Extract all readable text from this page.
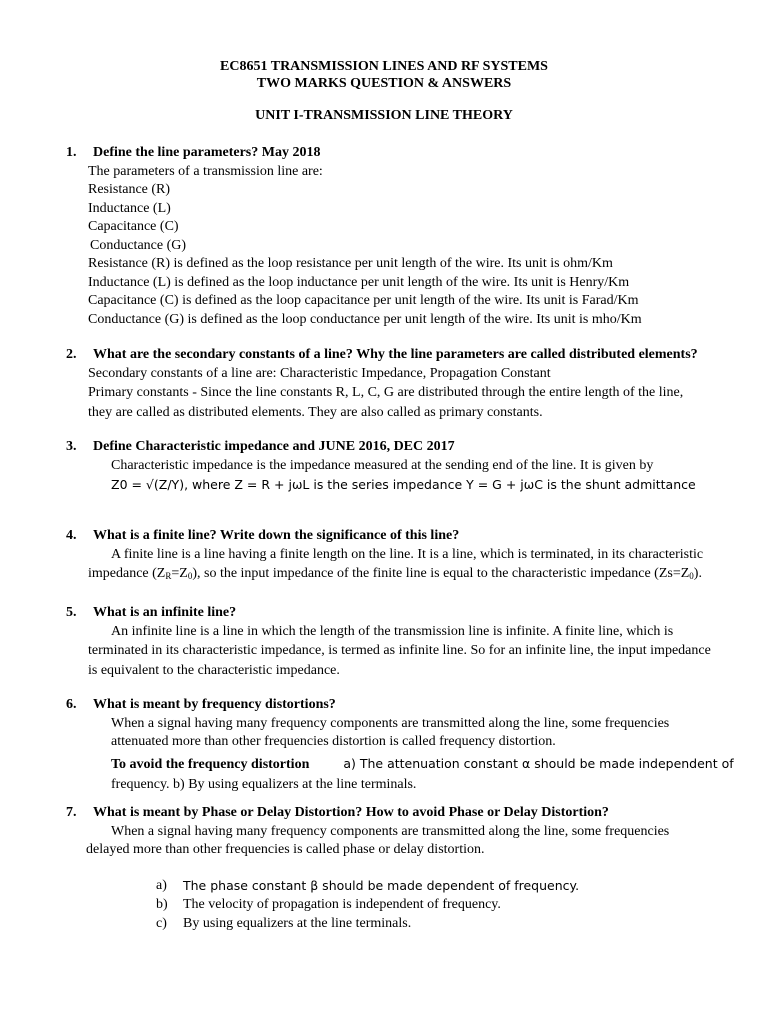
EC8651 TRANSMISSION LINES AND RF SYSTEMS
TWO MARKS QUESTION & ANSWERS
UNIT I-TRANSMISSION LINE THEORY
1. Define the line parameters? May 2018
The parameters of a transmission line are:
Resistance (R)
Inductance (L)
Capacitance (C)
Conductance (G)
Resistance (R) is defined as the loop resistance per unit length of the wire. Its unit is ohm/Km
Inductance (L) is defined as the loop inductance per unit length of the wire. Its unit is Henry/Km
Capacitance (C) is defined as the loop capacitance per unit length of the wire. Its unit is Farad/Km
Conductance (G) is defined as the loop conductance per unit length of the wire. Its unit is mho/Km
2. What are the secondary constants of a line? Why the line parameters are called distributed elements?
Secondary constants of a line are: Characteristic Impedance, Propagation Constant
Primary constants - Since the line constants R, L, C, G are distributed through the entire length of the line,
they are called as distributed elements. They are also called as primary constants.
3. Define Characteristic impedance and JUNE 2016, DEC 2017
Characteristic impedance is the impedance measured at the sending end of the line. It is given by
Z0 = √(Z/Y), where Z = R + jωL is the series impedance Y = G + jωC is the shunt admittance
4. What is a finite line? Write down the significance of this line?
A finite line is a line having a finite length on the line. It is a line, which is terminated, in its characteristic
impedance $(Z_R=Z_0)$, so the input impedance of the finite line is equal to the characteristic impedance $(Zs=Z_0)$.
5. What is an infinite line?
An infinite line is a line in which the length of the transmission line is infinite. A finite line, which is
terminated in its characteristic impedance, is termed as infinite line. So for an infinite line, the input impedance
is equivalent to the characteristic impedance.
6. What is meant by frequency distortions?
When a signal having many frequency components are transmitted along the line, some frequencies
attenuated more than other frequencies distortion is called frequency distortion.
To avoid the frequency distortion	a) The attenuation constant α should be made independent of
frequency. b) By using equalizers at the line terminals.
7. What is meant by Phase or Delay Distortion? How to avoid Phase or Delay Distortion?
When a signal having many frequency components are transmitted along the line, some frequencies
delayed more than other frequencies is called phase or delay distortion.
a) The phase constant β should be made dependent of frequency.
b) The velocity of propagation is independent of frequency.
c) By using equalizers at the line terminals.
